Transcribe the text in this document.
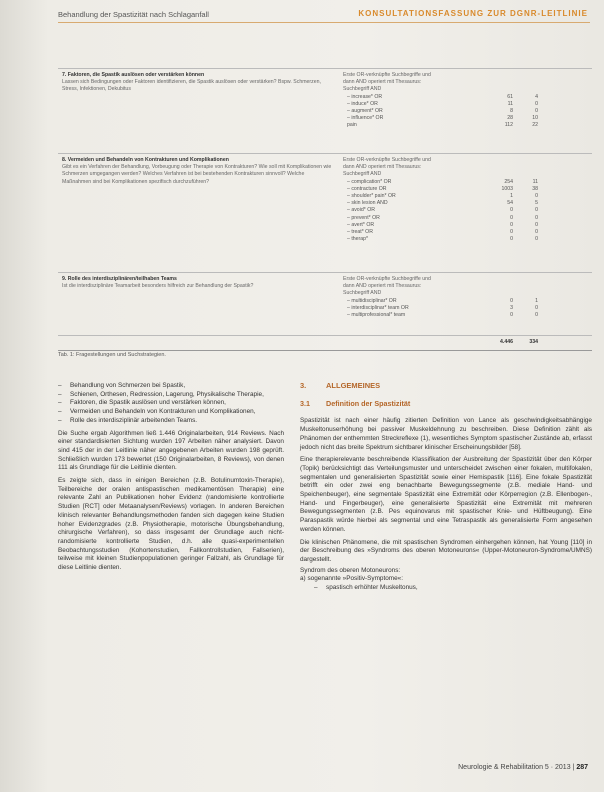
Behandlung der Spastizität nach Schlaganfall	KONSULTATIONSFASSUNG ZUR DGNR-LEITLINIE
7. Faktoren, die Spastik auslösen oder verstärken können
Lassen sich Bedingungen oder Faktoren identifizieren, die Spastik auslösen oder verstärken? Bspw. Schmerzen, Stress, Infektionen, Dekubitus
Erste OR-verknüpfte Suchbegriffe und
dann AND operiert mit Thesaurus:
Suchbegriff AND
– increase* OR	61	4
– induce* OR	11	0
– augment* OR	8	0
– influence* OR	28	10
pain	112	22
8. Vermeiden und Behandeln von Kontrakturen und Komplikationen
Gibt es ein Verfahren der Behandlung, Vorbeugung oder Therapie von Kontrakturen? Wie soll mit Komplikationen wie Schmerzen umgegangen werden? Welches Verfahren ist bei bestehenden Kontrakturen sinnvoll? Welche Maßnahmen sind bei Komplikationen spezifisch durchzuführen?
Erste OR-verknüpfte Suchbegriffe und
dann AND operiert mit Thesaurus:
Suchbegriff AND
– complication* OR	254	11
– contracture OR	1003	38
– shoulder* pain* OR	1	0
– skin lesion AND	54	5
– avoid* OR	0	0
– prevent* OR	0	0
– avert* OR	0	0
– treat* OR	0	0
– therap*	0	0
9. Rolle des interdisziplinären/teilhaben Teams
Ist die interdisziplinäre Teamarbeit besonders hilfreich zur Behandlung der Spastik?
Erste OR-verknüpfte Suchbegriffe und
dann AND operiert mit Thesaurus:
Suchbegriff AND
– multidisciplinar* OR	0	1
– interdisciplinar* team OR	3	0
– multiprofessional* team	0	0
4.446	334
Tab. 1: Fragestellungen und Suchstrategien.
–	Behandlung von Schmerzen bei Spastik,
–	Schienen, Orthesen, Redression, Lagerung, Physikalische Therapie,
–	Faktoren, die Spastik auslösen und verstärken können,
–	Vermeiden und Behandeln von Kontrakturen und Komplikationen,
–	Rolle des interdisziplinär arbeitenden Teams.
Die Suche ergab Algorithmen ließ 1.446 Originalarbeiten, 914 Reviews. Nach einer standardisierten Sichtung wurden 197 Arbeiten näher analysiert. Davon sind 415 der in der Leitlinie näher angegebenen Arbeiten wurden 198 geprüft. Schließlich wurden 173 bewertet (150 Originalarbeiten, 8 Reviews), von denen 111 als Grundlage für die Leitlinie dienten.
Es zeigte sich, dass in einigen Bereichen (z.B. Botulinumtoxin-Therapie), Teilbereiche der oralen antispastischen medikamentösen Therapie) eine relevante Zahl an Publikationen hoher Evidenz (randomisierte kontrollierte Studien [RCT] oder Metaanalysen/Reviews) vorlagen. In anderen Bereichen klinisch relevanter Behandlungsmethoden fanden sich dagegen keine Studien hoher Evidenzgrades (z.B. Physiotherapie, motorische Übungsbehandlung, chirurgische Verfahren), so dass insgesamt der Grundlage auch nicht-randomisierte kontrollierte Studien, d.h. alle quasi-experimentellen Beobachtungsstudien (Kohortenstudien, Fallkontrollstudien, Fallserien), teilweise mit kleinen Studienpopulationen geringer Fallzahl, als Grundlage für diese Leitlinie dienten.
3.	ALLGEMEINES
3.1	Definition der Spastizität
Spastizität ist nach einer häufig zitierten Definition von Lance als geschwindigkeitsabhängige Muskeltonuserhöhung bei passiver Muskeldehnung zu beschreiben. Diese Definition zählt als Phänomen der enthemmten Streckreflexe (1), wesentliches Symptom spastischer Zustände ab, erfasst jedoch nicht das breite Spektrum sichtbarer klinischer Erscheinungsbilder [58].
Eine therapierelevante beschreibende Klassifikation der Ausbreitung der Spastizität über den Körper (Topik) berücksichtigt das Verteilungsmuster und unterscheidet zwischen einer fokalen, multifokalen, segmentalen und generalisierten Spastizität sowie einer Hemispastik [116]. Eine fokale Spastizität betrifft ein oder zwei eng benachbarte Bewegungssegmente (z.B. mediale Hand- und Speichenbeuger), eine segmentale Spastizität eine Extremität oder Körperregion (z.B. Ellenbogen-, Hand- und Fingerbeuger), eine generalisierte Spastizität eine Extremität mit mehreren Bewegungssegmenten (z.B. Pes equinovarus mit spastischer Knie- und Hüftbeugung). Eine Paraspastik würde hierbei als segmental und eine Tetraspastik als generalisierte Form angesehen werden können.
Die klinischen Phänomene, die mit spastischen Syndromen einhergehen können, hat Young [110] in der Beschreibung des »Syndroms des oberen Motoneurons« (Upper-Motoneuron-Syndrome/UMNS) dargestellt.
Syndrom des oberen Motoneurons:
a) sogenannte »Positiv-Symptome«:
–	spastisch erhöhter Muskeltonus,
Neurologie & Rehabilitation 5 · 2013 | 287
